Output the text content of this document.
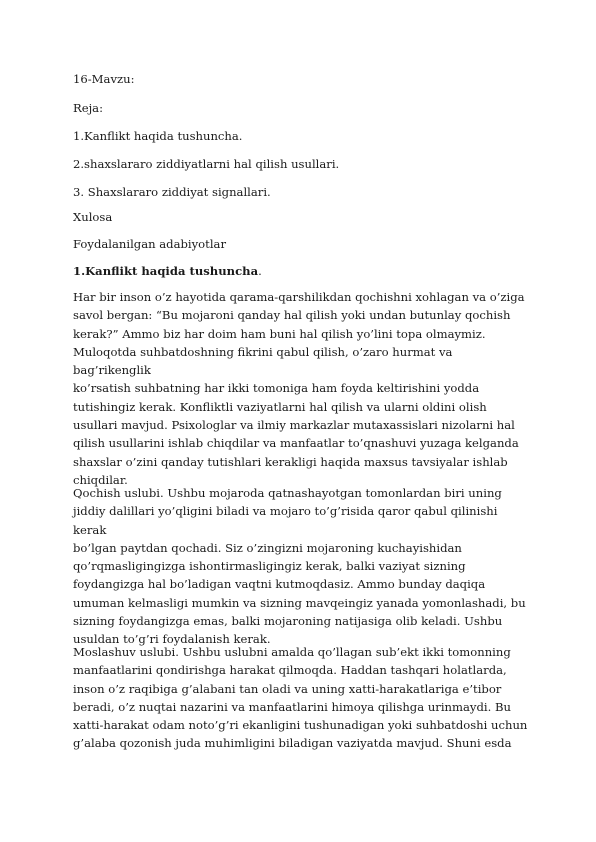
16-Mavzu:
Reja:
1.Kanflikt haqida tushuncha.
2.shaxslararo ziddiyatlarni hal qilish usullari.
3. Shaxslararo ziddiyat signallari.
Xulosa
Foydalanilgan adabiyotlar
1.Kanflikt haqida tushuncha.
Har bir inson o’z hayotida qarama-qarshilikdan qochishni xohlagan va o’ziga
savol bergan: “Bu mojaroni qanday hal qilish yoki undan butunlay qochish
kerak?” Ammo biz har doim ham buni hal qilish yo’lini topa olmaymiz.
Muloqotda suhbatdoshning fikrini qabul qilish, o’zaro hurmat va bag’rikenglik
ko’rsatish suhbatning har ikki tomoniga ham foyda keltirishini yodda
tutishingiz kerak. Konfliktli vaziyatlarni hal qilish va ularni oldini olish
usullari mavjud. Psixologlar va ilmiy markazlar mutaxassislari nizolarni hal
qilish usullarini ishlab chiqdilar va manfaatlar to’qnashuvi yuzaga kelganda
shaxslar o’zini qanday tutishlari kerakligi haqida maxsus tavsiyalar ishlab
chiqdilar.
Qochish uslubi. Ushbu mojaroda qatnashayotgan tomonlardan biri uning
jiddiy dalillari yo’qligini biladi va mojaro to’g’risida qaror qabul qilinishi kerak
bo’lgan paytdan qochadi. Siz o’zingizni mojaroning kuchayishidan
qo’rqmasligingizga ishontirmasligingiz kerak, balki vaziyat sizning
foydangizga hal bo’ladigan vaqtni kutmoqdasiz. Ammo bunday daqiqa
umuman kelmasligi mumkin va sizning mavqeingiz yanada yomonlashadi, bu
sizning foydangizga emas, balki mojaroning natijasiga olib keladi. Ushbu
usuldan to’g’ri foydalanish kerak.
Moslashuv uslubi. Ushbu uslubni amalda qo’llagan sub’ekt ikki tomonning
manfaatlarini qondirishga harakat qilmoqda. Haddan tashqari holatlarda,
inson o’z raqibiga g’alabani tan oladi va uning xatti-harakatlariga e’tibor
beradi, o’z nuqtai nazarini va manfaatlarini himoya qilishga urinmaydi. Bu
xatti-harakat odam noto’g’ri ekanligini tushunadigan yoki suhbatdoshi uchun
g’alaba qozonish juda muhimligini biladigan vaziyatda mavjud. Shuni esda
